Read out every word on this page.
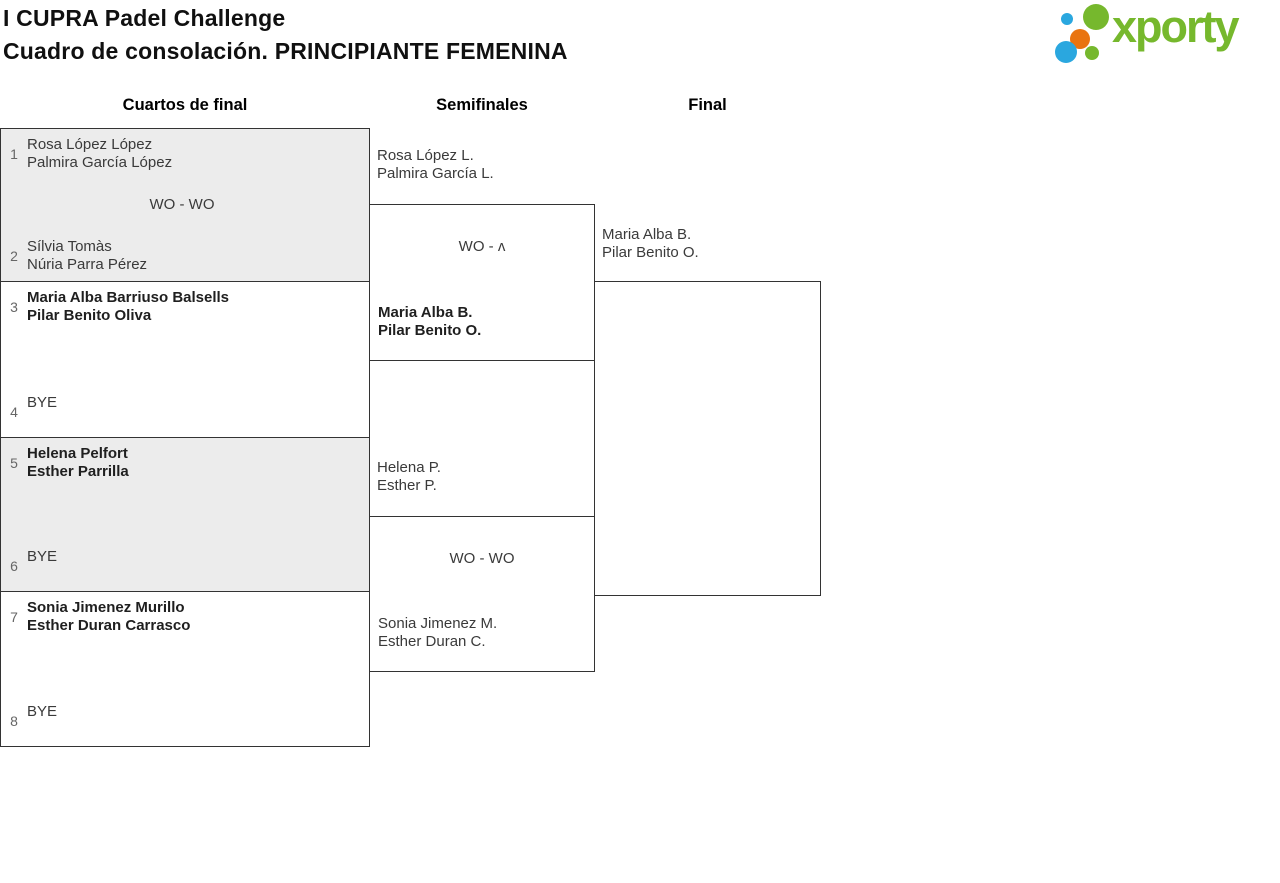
I CUPRA Padel Challenge
Cuadro de consolación. PRINCIPIANTE FEMENINA	xporty
Cuartos de final	Semifinales	Final
1
Rosa López López
Palmira García López
WO - WO
2
Sílvia Tomàs
Núria Parra Pérez
3
Maria Alba Barriuso Balsells
Pilar Benito Oliva
4
BYE
5
Helena Pelfort
Esther Parrilla
6
BYE
7
Sonia Jimenez Murillo
Esther Duran Carrasco
8
BYE
Rosa López L.
Palmira García L.
WO - ʌ
Maria Alba B.
Pilar Benito O.
Helena P.
Esther P.
WO - WO
Sonia Jimenez M.
Esther Duran C.
Maria Alba B.
Pilar Benito O.
